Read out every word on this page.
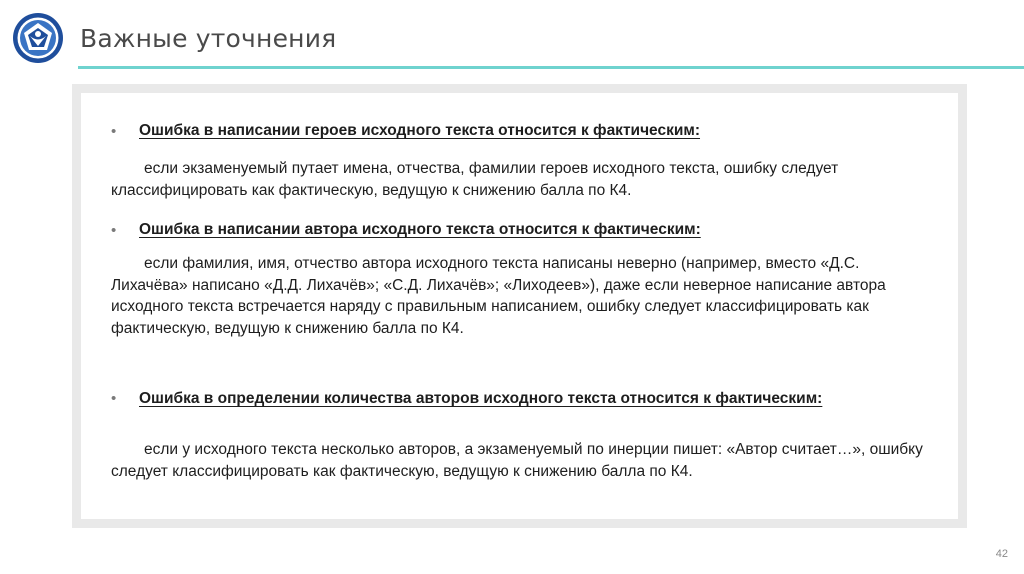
Важные уточнения
• Ошибка в написании героев исходного текста относится к фактическим:
если экзаменуемый путает имена, отчества, фамилии героев исходного текста, ошибку следует классифицировать как фактическую, ведущую к снижению балла по К4.
• Ошибка в написании автора исходного текста относится к фактическим:
если фамилия, имя, отчество автора исходного текста написаны неверно (например, вместо «Д.С. Лихачёва» написано «Д.Д. Лихачёв»; «С.Д. Лихачёв»; «Лиходеев»), даже если неверное написание автора исходного текста встречается наряду с правильным написанием, ошибку следует классифицировать как фактическую, ведущую к снижению балла по К4.
•	Ошибка в определении количества авторов исходного текста относится к фактическим:
если у исходного текста несколько авторов, а экзаменуемый по инерции пишет: «Автор считает…», ошибку следует классифицировать как фактическую, ведущую к снижению балла по К4.
42
